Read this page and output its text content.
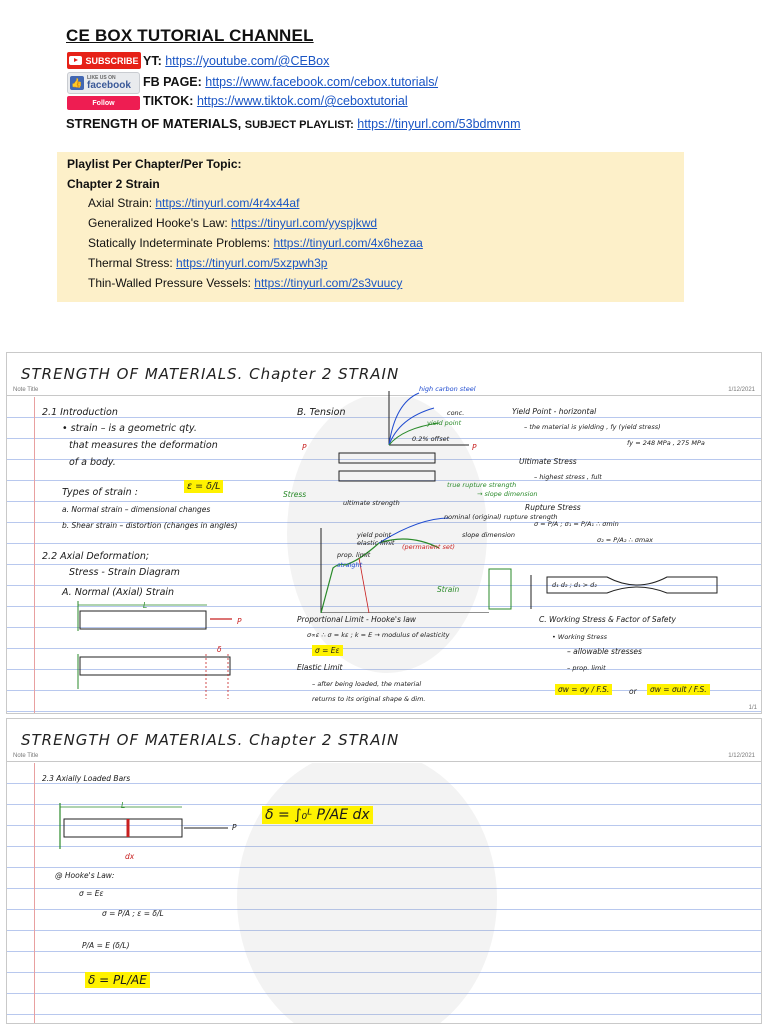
CE BOX TUTORIAL CHANNEL
SUBSCRIBE
👍
LIKE US ON
facebook
Follow
YT: https://youtube.com/@CEBox
FB PAGE: https://www.facebook.com/cebox.tutorials/
TIKTOK: https://www.tiktok.com/@ceboxtutorial
STRENGTH OF MATERIALS, SUBJECT PLAYLIST: https://tinyurl.com/53bdmvnm
Playlist Per Chapter/Per Topic:
Chapter 2 Strain
Axial Strain: https://tinyurl.com/4r4x44af
Generalized Hooke's Law: https://tinyurl.com/yyspjkwd
Statically Indeterminate Problems: https://tinyurl.com/4x6hezaa
Thermal Stress: https://tinyurl.com/5xzpwh3p
Thin-Walled Pressure Vessels: https://tinyurl.com/2s3vuucy
STRENGTH OF MATERIALS. Chapter 2 STRAIN
Note Title	1/12/2021
2.1 Introduction
• strain – is a geometric qty.
that measures the deformation
of a body.
Types of strain :
ε = δ/L
a. Normal strain – dimensional changes
b. Shear strain – distortion (changes in angles)
2.2 Axial Deformation;
Stress - Strain Diagram
A. Normal (Axial) Strain
L
P
δ
B. Tension
high carbon steel
conc.
yield point
0.2% offset
P	P
→ slope dimension
true rupture strength
Stress
ultimate strength
nominal (original) rupture strength
slope dimension
yield point
elastic limit (permanent set)
prop. limit
straight
Strain
Proportional Limit - Hooke's law
σ∝ε ∴ σ = kε ; k = E → modulus of elasticity
σ = Eε
Elastic Limit
– after being loaded, the material
returns to its original shape & dim.
Yield Point - horizontal
– the material is yielding , fy (yield stress)
fy = 248 MPa , 275 MPa
Ultimate Stress
– highest stress , fult
Rupture Stress
σ = P/A ; σ₁ = P/A₁ ∴ σmin
σ₂ = P/A₂ ∴ σmax
d₁ d₂ ; d₁ > d₂
C. Working Stress & Factor of Safety
• Working Stress
– allowable stresses
– prop. limit
σw = σy / F.S.	or	σw = σult / F.S.
1/1
STRENGTH OF MATERIALS. Chapter 2 STRAIN
Note Title	1/12/2021
2.3 Axially Loaded Bars
L
P
dx
δ = ∫₀ᴸ P/AE dx
@ Hooke's Law:
σ = Eε
σ = P/A ; ε = δ/L
P/A = E (δ/L)
δ = PL/AE
